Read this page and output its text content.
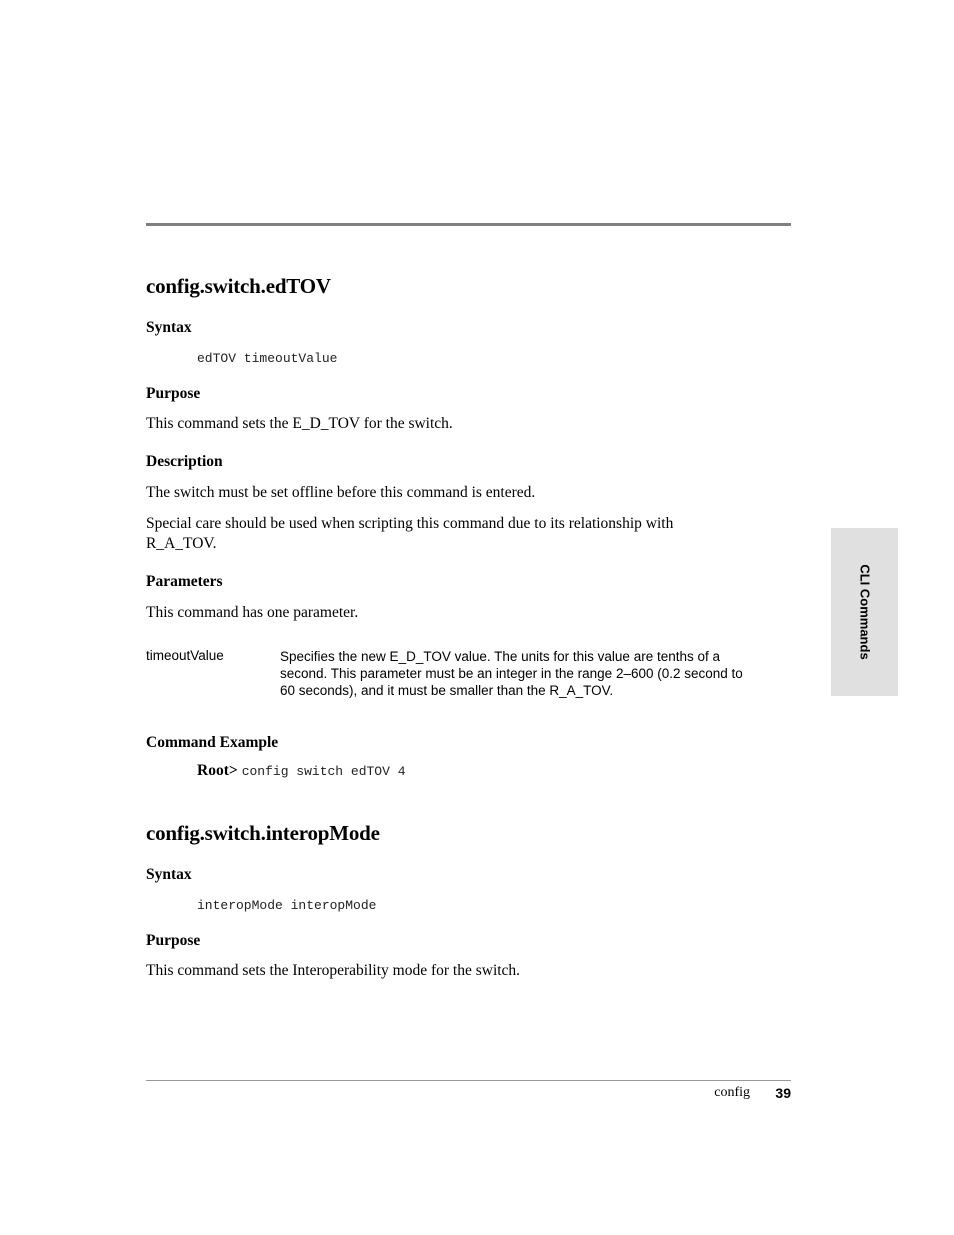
config.switch.edTOV
Syntax
edTOV timeoutValue
Purpose
This command sets the E_D_TOV for the switch.
Description
The switch must be set offline before this command is entered.
Special care should be used when scripting this command due to its relationship with
R_A_TOV.
Parameters
This command has one parameter.
timeoutValue	Specifies the new E_D_TOV value. The units for this value are tenths of a
second. This parameter must be an integer in the range 2–600 (0.2 second to
60 seconds), and it must be smaller than the R_A_TOV.
Command Example
Root> config switch edTOV 4
config.switch.interopMode
Syntax
interopMode interopMode
Purpose
This command sets the Interoperability mode for the switch.
CLI Commands
config 39
